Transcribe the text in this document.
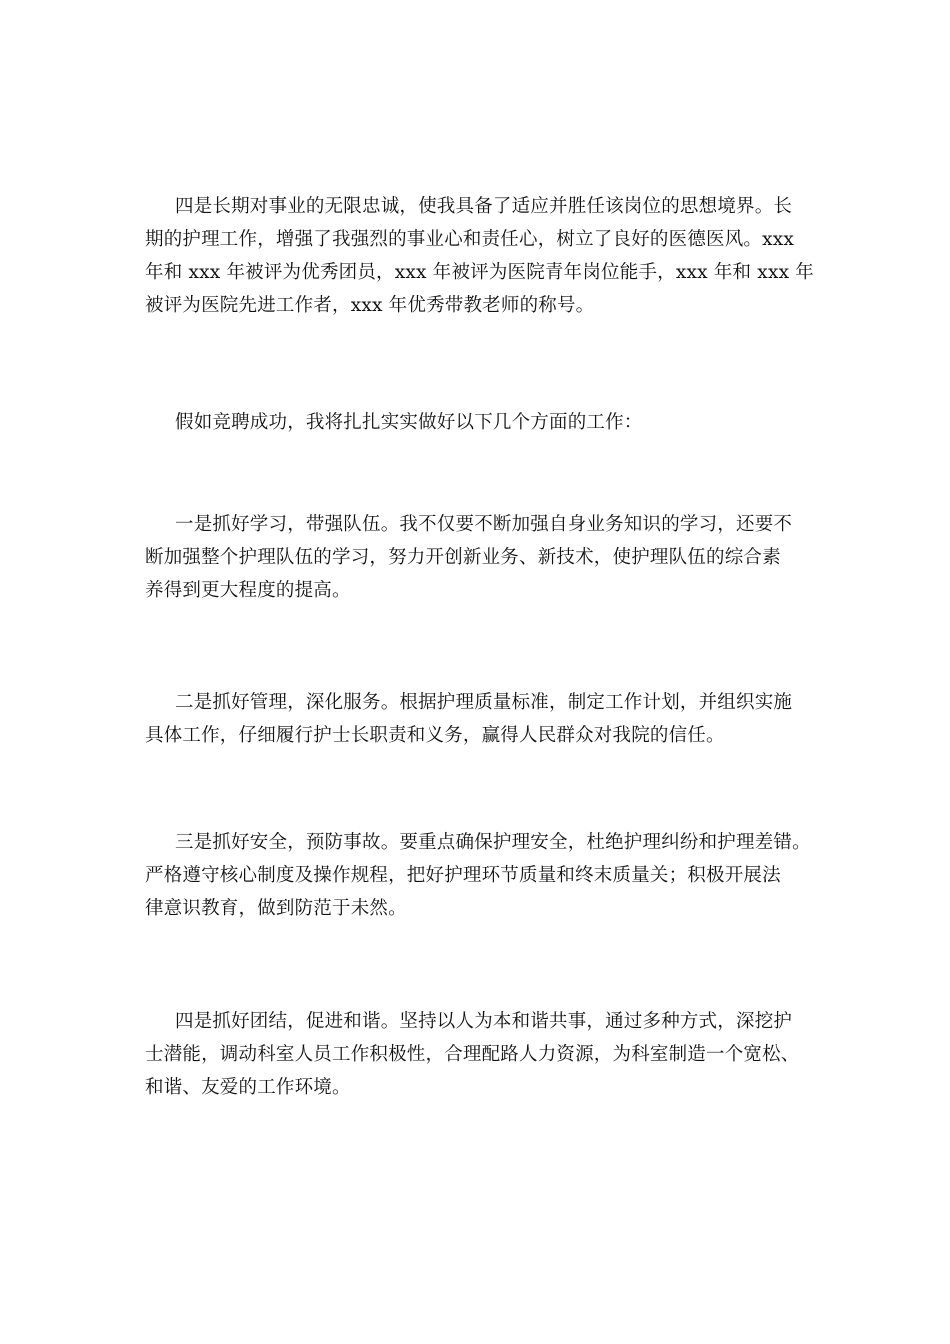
四是长期对事业的无限忠诚，使我具备了适应并胜任该岗位的思想境界。长
期的护理工作，增强了我强烈的事业心和责任心，树立了良好的医德医风。xxx
年和 xxx 年被评为优秀团员，xxx 年被评为医院青年岗位能手，xxx 年和 xxx 年
被评为医院先进工作者，xxx 年优秀带教老师的称号。
假如竞聘成功，我将扎扎实实做好以下几个方面的工作：
一是抓好学习，带强队伍。我不仅要不断加强自身业务知识的学习，还要不
断加强整个护理队伍的学习，努力开创新业务、新技术，使护理队伍的综合素
养得到更大程度的提高。
二是抓好管理，深化服务。根据护理质量标准，制定工作计划，并组织实施
具体工作，仔细履行护士长职责和义务，赢得人民群众对我院的信任。
三是抓好安全，预防事故。要重点确保护理安全，杜绝护理纠纷和护理差错。
严格遵守核心制度及操作规程，把好护理环节质量和终末质量关；积极开展法
律意识教育，做到防范于未然。
四是抓好团结，促进和谐。坚持以人为本和谐共事，通过多种方式，深挖护
士潜能，调动科室人员工作积极性，合理配路人力资源，为科室制造一个宽松、
和谐、友爱的工作环境。
